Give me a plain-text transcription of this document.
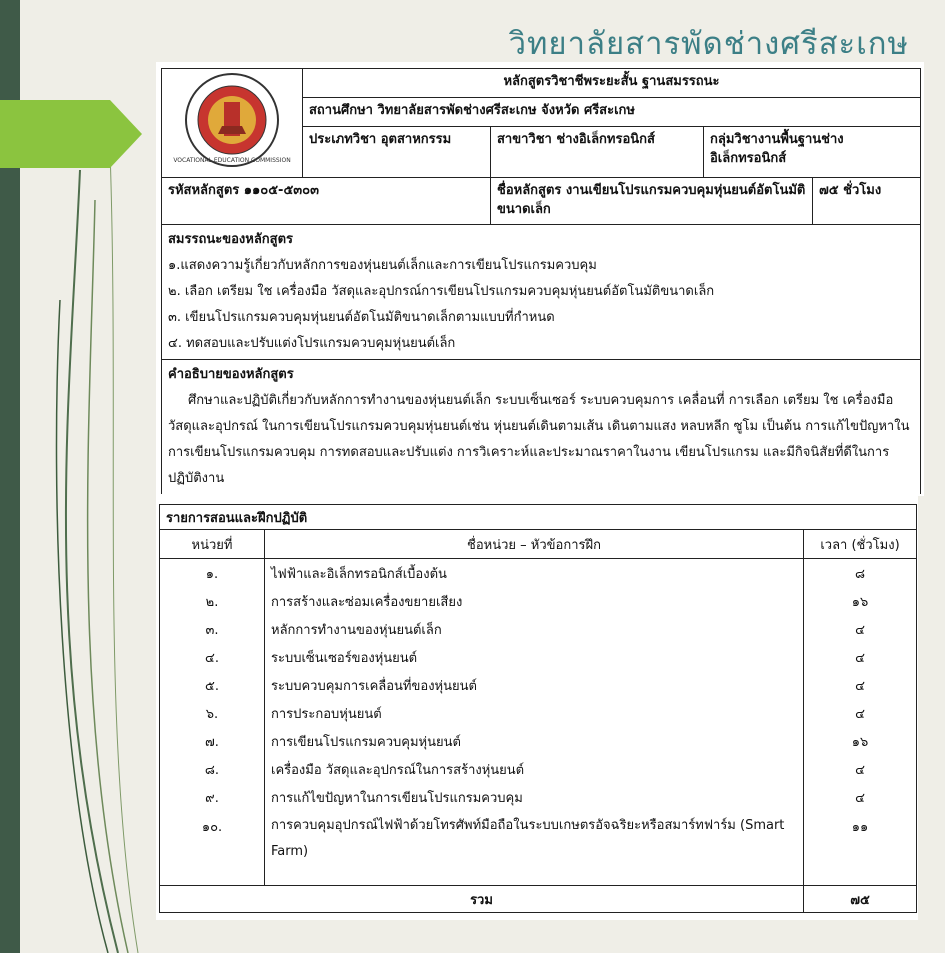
วิทยาลัยสารพัดช่างศรีสะเกษ
VOCATIONAL EDUCATION COMMISSION	หลักสูตรวิชาชีพระยะสั้น ฐานสมรรถนะ			
	สถานศึกษา วิทยาลัยสารพัดช่างศรีสะเกษ จังหวัด ศรีสะเกษ			
	ประเภทวิชา อุตสาหกรรม	สาขาวิชา ช่างอิเล็กทรอนิกส์	กลุ่มวิชางานพื้นฐานช่าง อิเล็กทรอนิกส์	
รหัสหลักสูตร ๑๑๐๕-๕๓๐๓		ชื่อหลักสูตร งานเขียนโปรแกรมควบคุมหุ่นยนต์อัตโนมัติขนาดเล็ก		๗๕ ชั่วโมง

สมรรถนะของหลักสูตร
๑.แสดงความรู้เกี่ยวกับหลักการของหุ่นยนต์เล็กและการเขียนโปรแกรมควบคุม
๒. เลือก เตรียม ใช เครื่องมือ วัสดุและอุปกรณ์การเขียนโปรแกรมควบคุมหุ่นยนต์อัตโนมัติขนาดเล็ก
๓. เขียนโปรแกรมควบคุมหุ่นยนต์อัตโนมัติขนาดเล็กตามแบบที่กำหนด
๔. ทดสอบและปรับแต่งโปรแกรมควบคุมหุ่นยนต์เล็ก				

คำอธิบายของหลักสูตร
ศึกษาและปฏิบัติเกี่ยวกับหลักการทำงานของหุ่นยนต์เล็ก ระบบเซ็นเซอร์ ระบบควบคุมการ เคลื่อนที่ การเลือก เตรียม ใช เครื่องมือ วัสดุและอุปกรณ์ ในการเขียนโปรแกรมควบคุมหุ่นยนต์เช่น หุ่นยนต์เดินตามเส้น เดินตามแสง หลบหลีก ซูโม เป็นต้น การแก้ไขปัญหาในการเขียนโปรแกรมควบคุม การทดสอบและปรับแต่ง การวิเคราะห์และประมาณราคาในงาน เขียนโปรแกรม และมีกิจนิสัยที่ดีในการ ปฏิบัติงาน				
รายการสอนและฝึกปฏิบัติ		
หน่วยที่	ชื่อหน่วย – หัวข้อการฝึก	เวลา (ชั่วโมง)
๑.	ไฟฟ้าและอิเล็กทรอนิกส์เบื้องต้น	๘
๒.	การสร้างและซ่อมเครื่องขยายเสียง	๑๖
๓.	หลักการทำงานของหุ่นยนต์เล็ก	๔
๔.	ระบบเซ็นเซอร์ของหุ่นยนต์	๔
๕.	ระบบควบคุมการเคลื่อนที่ของหุ่นยนต์	๔
๖.	การประกอบหุ่นยนต์	๔
๗.	การเขียนโปรแกรมควบคุมหุ่นยนต์	๑๖
๘.	เครื่องมือ วัสดุและอุปกรณ์ในการสร้างหุ่นยนต์	๔
๙.	การแก้ไขปัญหาในการเขียนโปรแกรมควบคุม	๔
๑๐.	การควบคุมอุปกรณ์ไฟฟ้าด้วยโทรศัพท์มือถือในระบบเกษตรอัจฉริยะหรือสมาร์ทฟาร์ม (Smart Farm)	๑๑

รวม		๗๕
